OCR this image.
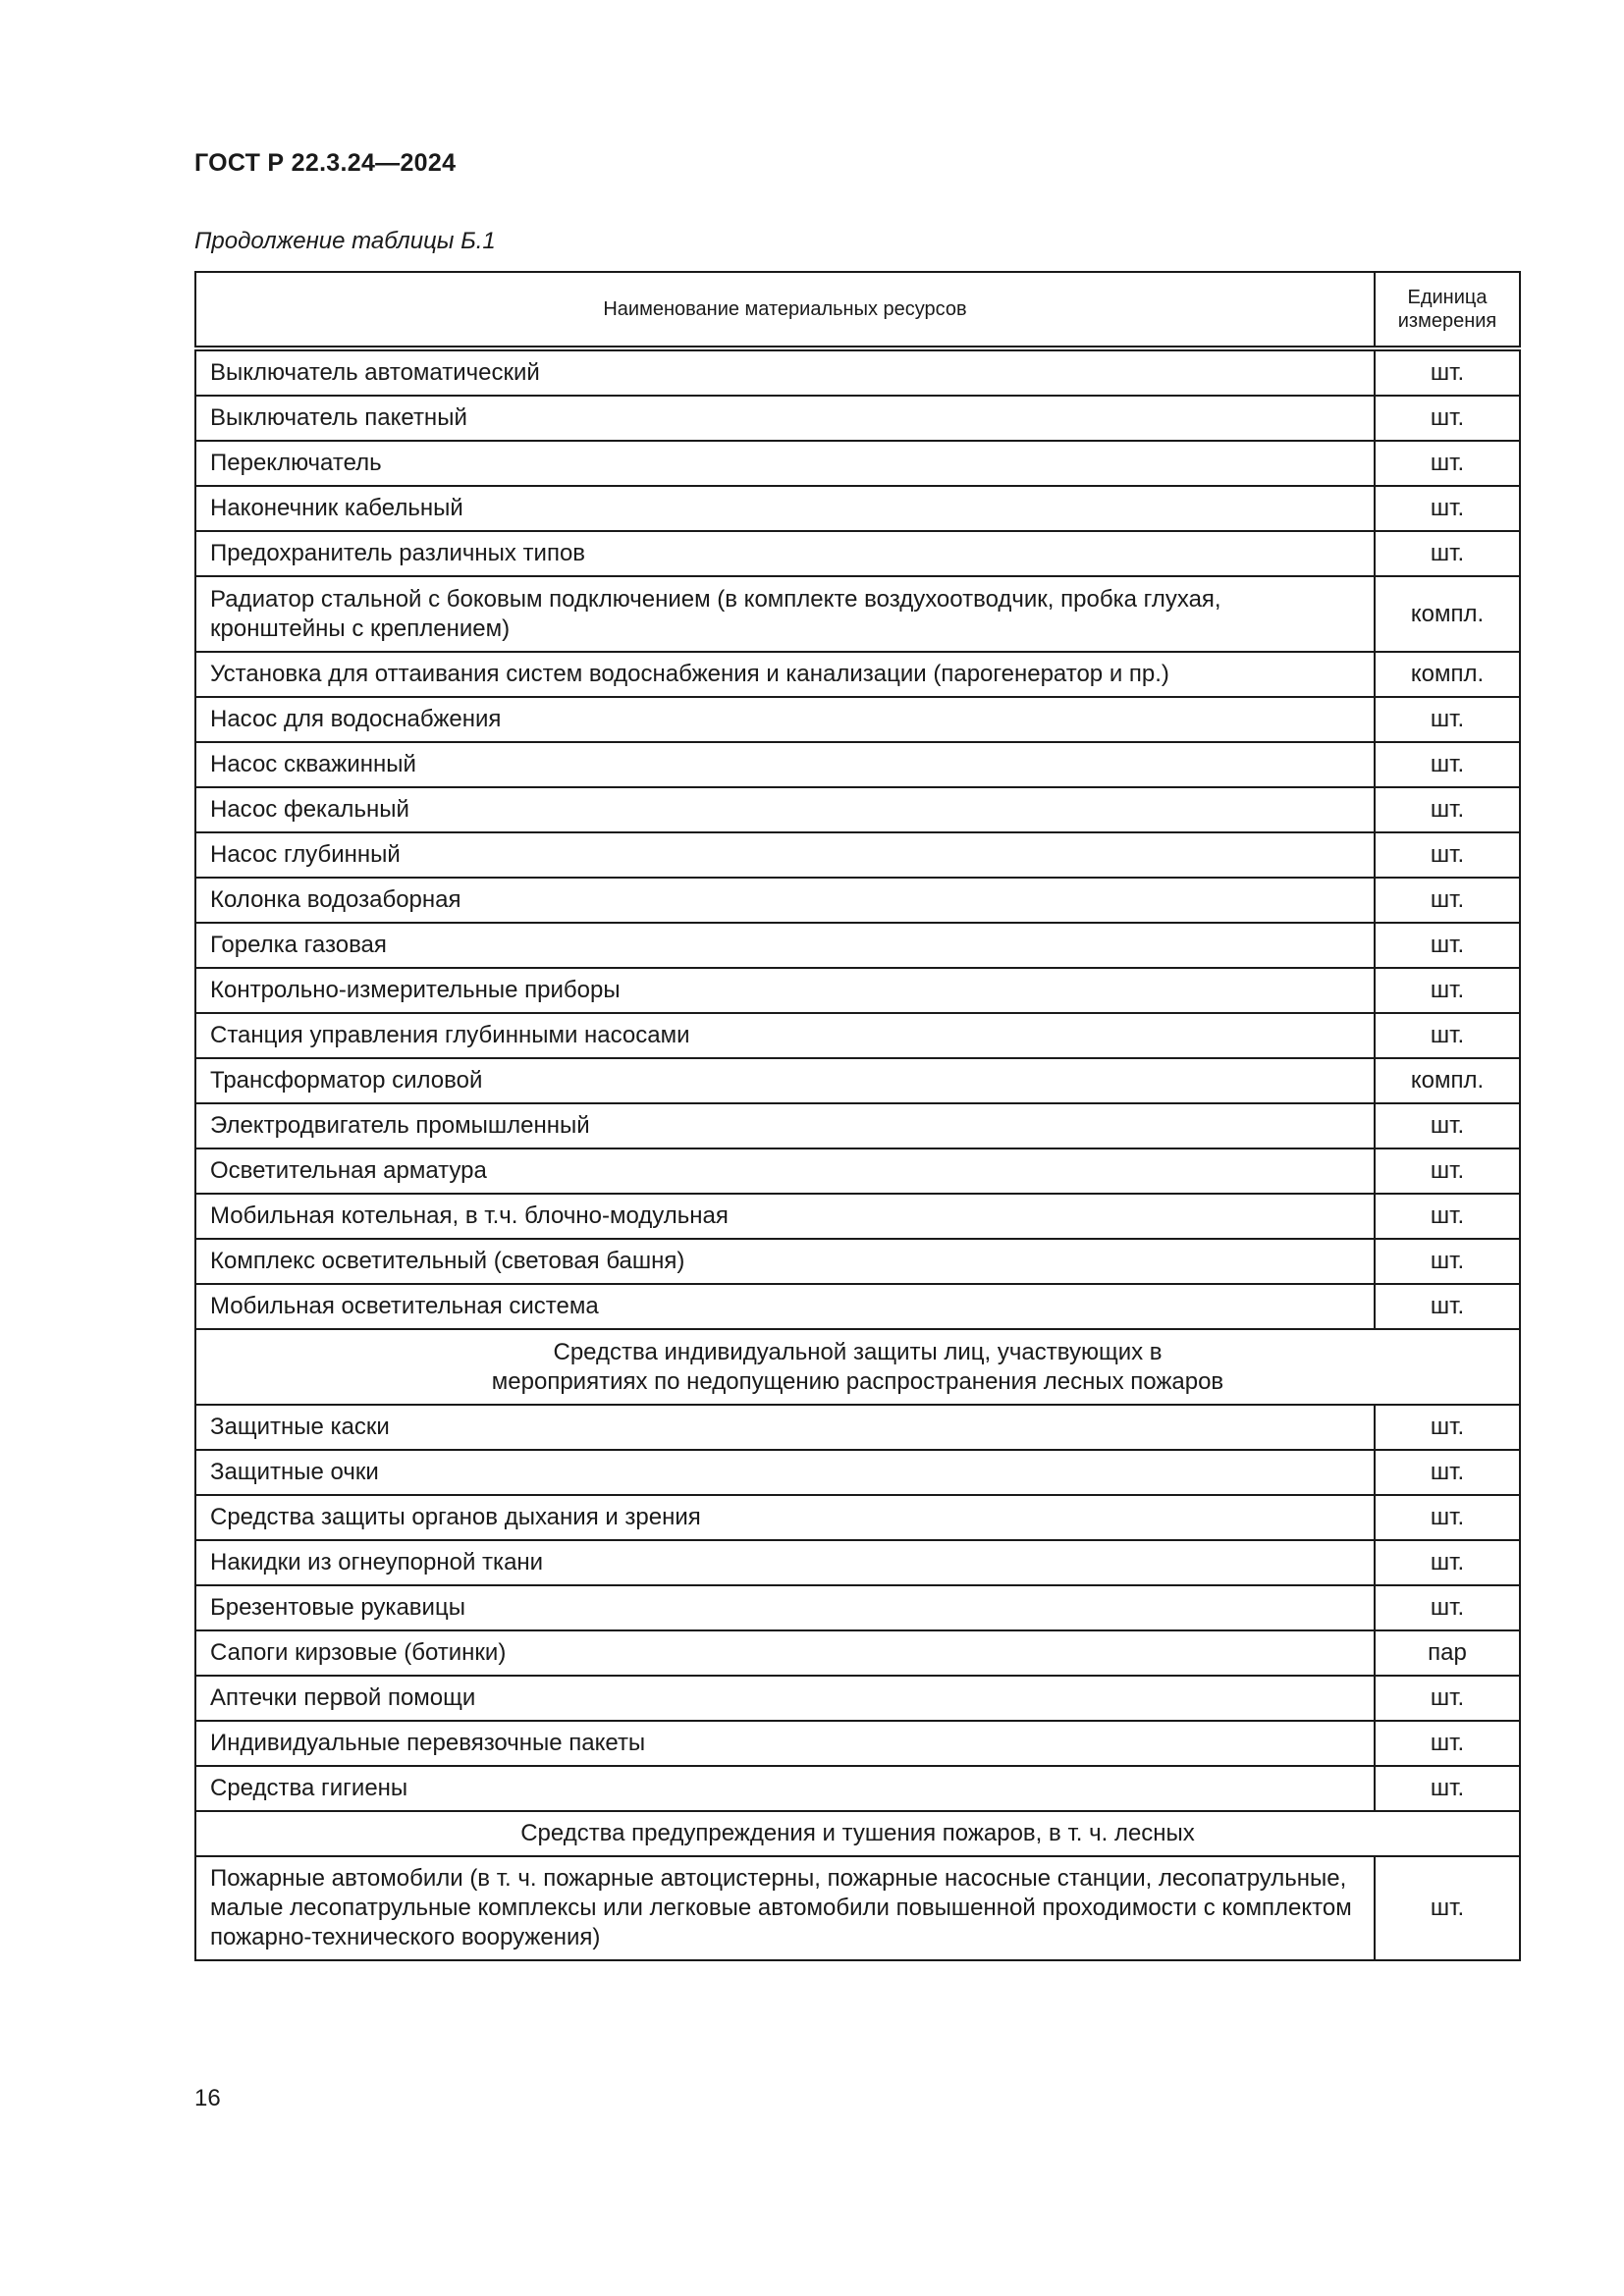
ГОСТ Р 22.3.24—2024
Продолжение таблицы Б.1
Наименование материальных ресурсов	Единица измерения
Выключатель автоматический	шт.
Выключатель пакетный	шт.
Переключатель	шт.
Наконечник кабельный	шт.
Предохранитель различных типов	шт.
Радиатор стальной с боковым подключением (в комплекте воздухоотводчик, пробка глухая, кронштейны с креплением)	компл.
Установка для оттаивания систем водоснабжения и канализации (парогенератор и пр.)	компл.
Насос для водоснабжения	шт.
Насос скважинный	шт.
Насос фекальный	шт.
Насос глубинный	шт.
Колонка водозаборная	шт.
Горелка газовая	шт.
Контрольно-измерительные приборы	шт.
Станция управления глубинными насосами	шт.
Трансформатор силовой	компл.
Электродвигатель промышленный	шт.
Осветительная арматура	шт.
Мобильная котельная, в т.ч. блочно-модульная	шт.
Комплекс осветительный (световая башня)	шт.
Мобильная осветительная система	шт.
Средства индивидуальной защиты лиц, участвующих в мероприятиях по недопущению распространения лесных пожаров	
Защитные каски	шт.
Защитные очки	шт.
Средства защиты органов дыхания и зрения	шт.
Накидки из огнеупорной ткани	шт.
Брезентовые рукавицы	шт.
Сапоги кирзовые (ботинки)	пар
Аптечки первой помощи	шт.
Индивидуальные перевязочные пакеты	шт.
Средства гигиены	шт.
Средства предупреждения и тушения пожаров, в т. ч. лесных	
Пожарные автомобили (в т. ч. пожарные автоцистерны, пожарные насосные станции, лесопатрульные, малые лесопатрульные комплексы или легковые автомобили повышенной проходимости с комплектом пожарно-технического вооружения)	шт.
16
